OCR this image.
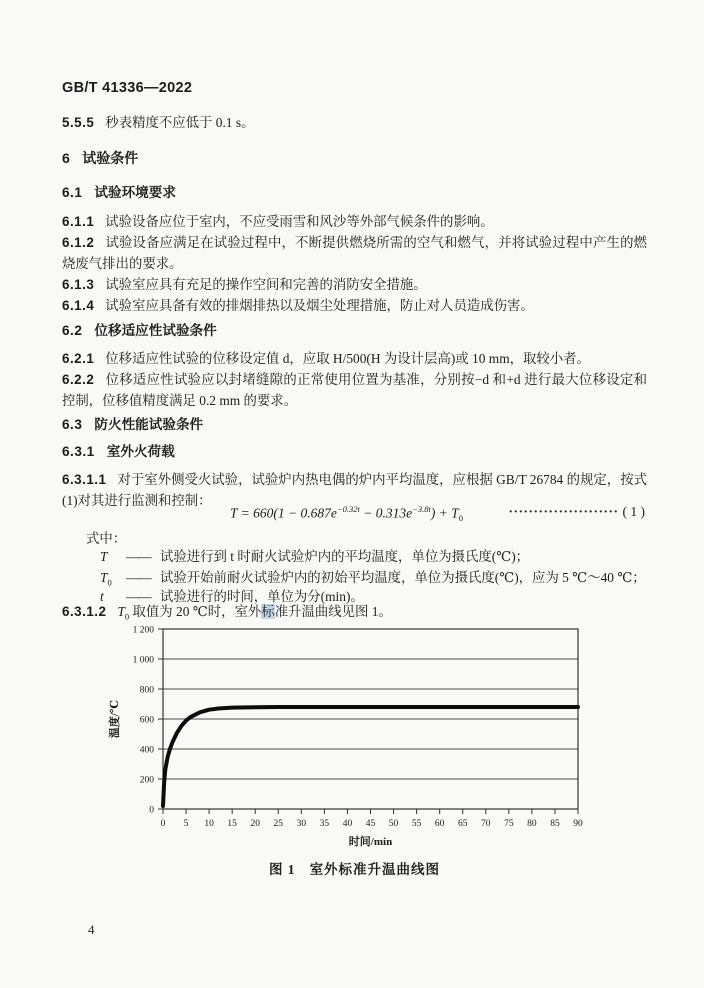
GB/T 41336—2022
5.5.5 秒表精度不应低于 0.1 s。
6 试验条件
6.1 试验环境要求
6.1.1 试验设备应位于室内，不应受雨雪和风沙等外部气候条件的影响。
6.1.2 试验设备应满足在试验过程中，不断提供燃烧所需的空气和燃气，并将试验过程中产生的燃烧废气排出的要求。
6.1.3 试验室应具有充足的操作空间和完善的消防安全措施。
6.1.4 试验室应具备有效的排烟排热以及烟尘处理措施，防止对人员造成伤害。
6.2 位移适应性试验条件
6.2.1 位移适应性试验的位移设定值 d，应取 H/500(H 为设计层高)或 10 mm，取较小者。
6.2.2 位移适应性试验应以封堵缝隙的正常使用位置为基准，分别按−d 和+d 进行最大位移设定和控制，位移值精度满足 0.2 mm 的要求。
6.3 防火性能试验条件
6.3.1 室外火荷载
6.3.1.1 对于室外侧受火试验，试验炉内热电偶的炉内平均温度，应根据 GB/T 26784 的规定，按式(1)对其进行监测和控制：
$T = 660(1 - 0.687e^{-0.32t} - 0.313e^{-3.8t}) + T_0$	······················ ( 1 )
式中：
T	—— 试验进行到 t 时耐火试验炉内的平均温度，单位为摄氏度(℃)；
$T_0$	—— 试验开始前耐火试验炉内的初始平均温度，单位为摄氏度(℃)，应为 5 ℃～40 ℃；
t	—— 试验进行的时间，单位为分(min)。
6.3.1.2 $T_0$ 取值为 20 ℃时，室外标准升温曲线见图 1。
0
200
400
600
800
1 000
1 200
0 5 10 15 20 25 30 35 40 45 50 55 60 65 70 75 80 85 90
时间/min
温度/℃
图 1 室外标准升温曲线图
4
